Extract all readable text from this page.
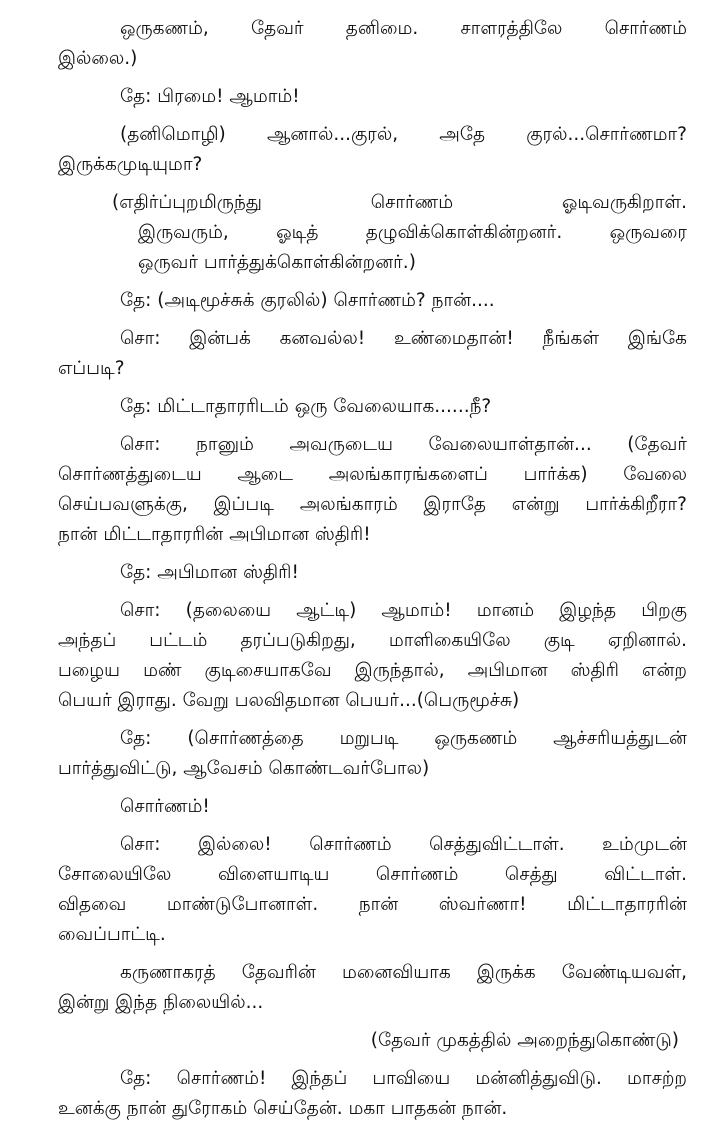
ஒருகணம், தேவர் தனிமை. சாளரத்திலே சொர்ணம்
இல்லை.)

தே: பிரமை! ஆமாம்!

(தனிமொழி) ஆனால்...குரல், அதே குரல்...சொர்ணமா?
இருக்கமுடியுமா?

(எதிர்ப்புறமிருந்து சொர்ணம் ஓடிவருகிறாள்.
இருவரும், ஓடித் தழுவிக்கொள்கின்றனர். ஒருவரை
ஒருவர் பார்த்துக்கொள்கின்றனர்.)

தே: (அடிமூச்சுக் குரலில்) சொர்ணம்? நான்....

சொ: இன்பக் கனவல்ல! உண்மைதான்! நீங்கள் இங்கே
எப்படி?

தே: மிட்டாதாரரிடம் ஒரு வேலையாக......நீ?

சொ: நானும் அவருடைய வேலையாள்தான்... (தேவர்
சொர்ணத்துடைய ஆடை அலங்காரங்களைப் பார்க்க) வேலை
செய்பவளுக்கு, இப்படி அலங்காரம் இராதே என்று பார்க்கிறீரா?
நான் மிட்டாதாரரின் அபிமான ஸ்திரி!

தே: அபிமான ஸ்திரி!

சொ: (தலையை ஆட்டி) ஆமாம்! மானம் இழந்த பிறகு
அந்தப் பட்டம் தரப்படுகிறது, மாளிகையிலே குடி ஏறினால்.
பழைய மண் குடிசையாகவே இருந்தால், அபிமான ஸ்திரி என்ற
பெயர் இராது. வேறு பலவிதமான பெயர்...(பெருமூச்சு)

தே: (சொர்ணத்தை மறுபடி ஒருகணம் ஆச்சரியத்துடன்
பார்த்துவிட்டு, ஆவேசம் கொண்டவர்போல)

சொர்ணம்!

சொ: இல்லை! சொர்ணம் செத்துவிட்டாள். உம்முடன்
சோலையிலே விளையாடிய சொர்ணம் செத்து விட்டாள்.
விதவை மாண்டுபோனாள். நான் ஸ்வர்ணா! மிட்டாதாரரின்
வைப்பாட்டி.

கருணாகரத் தேவரின் மனைவியாக இருக்க வேண்டியவள்,
இன்று இந்த நிலையில்...

(தேவர் முகத்தில் அறைந்துகொண்டு)

தே: சொர்ணம்! இந்தப் பாவியை மன்னித்துவிடு. மாசற்ற
உனக்கு நான் துரோகம் செய்தேன். மகா பாதகன் நான்.
